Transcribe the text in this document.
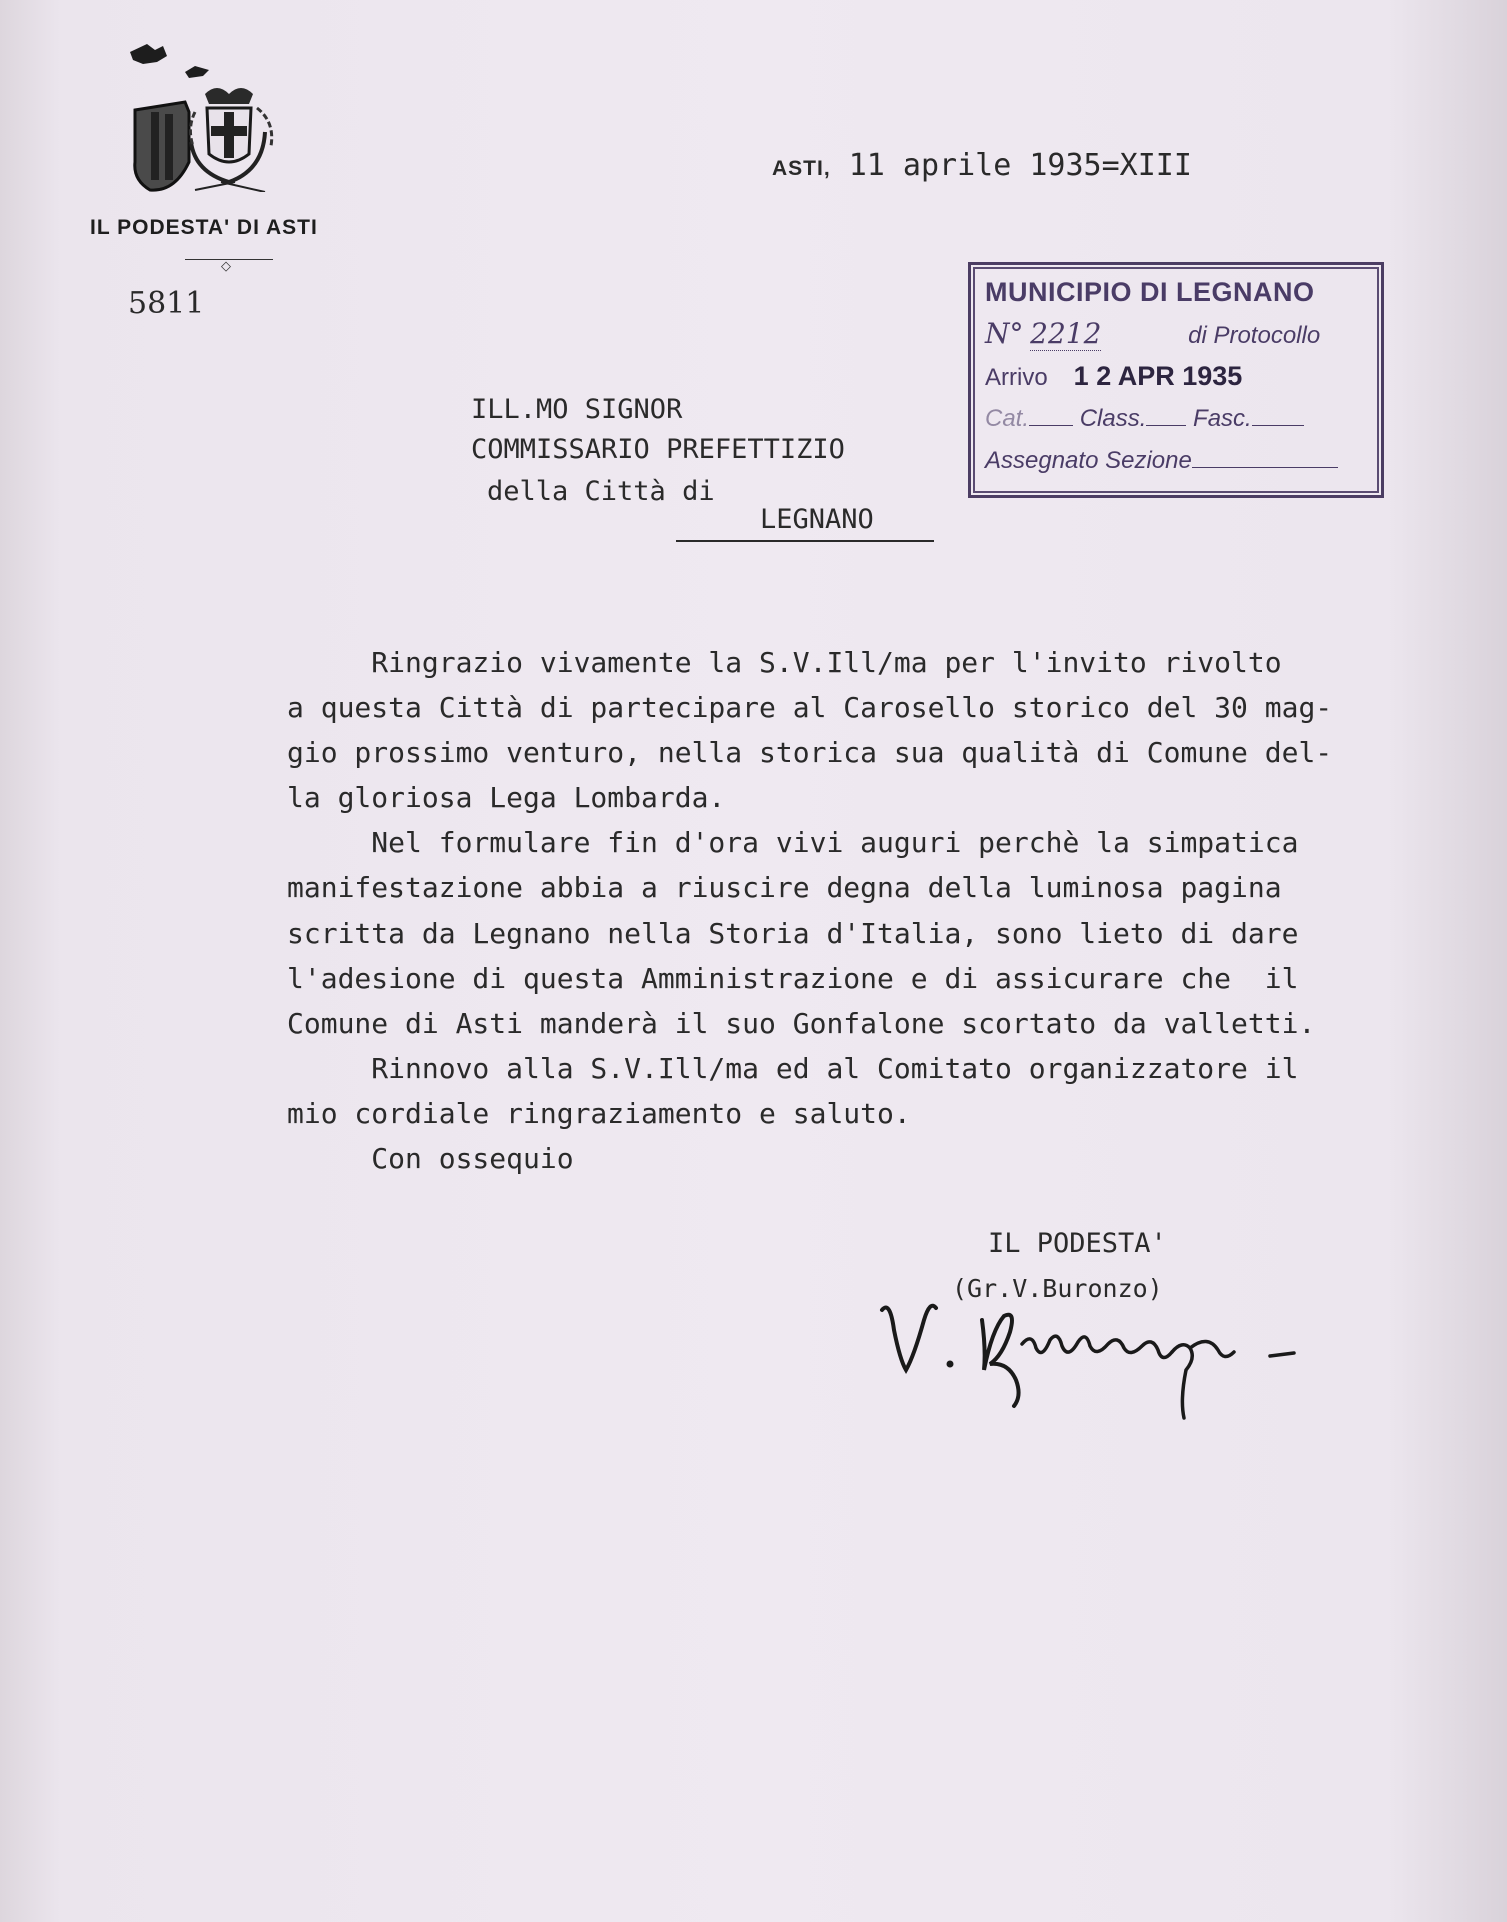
IL PODESTA' DI ASTI
◇
5811
ASTI, 11 aprile 1935=XIII
MUNICIPIO DI LEGNANO
N° 2212	di Protocollo
Arrivo 1 2 APR 1935
Cat. Class. Fasc.
Assegnato Sezione
ILL.MO SIGNOR
COMMISSARIO PREFETTIZIO
della Città di
LEGNANO

Ringrazio vivamente la S.V.Ill/ma per l'invito rivolto

a questa Città di partecipare al Carosello storico del 30 mag-

gio prossimo venturo, nella storica sua qualità di Comune del-

la gloriosa Lega Lombarda.

Nel formulare fin d'ora vivi auguri perchè la simpatica

manifestazione abbia a riuscire degna della luminosa pagina

scritta da Legnano nella Storia d'Italia, sono lieto di dare

l'adesione di questa Amministrazione e di assicurare che  il

Comune di Asti manderà il suo Gonfalone scortato da valletti.

Rinnovo alla S.V.Ill/ma ed al Comitato organizzatore il

mio cordiale ringraziamento e saluto.

Con ossequio

IL PODESTA'
(Gr.V.Buronzo)
